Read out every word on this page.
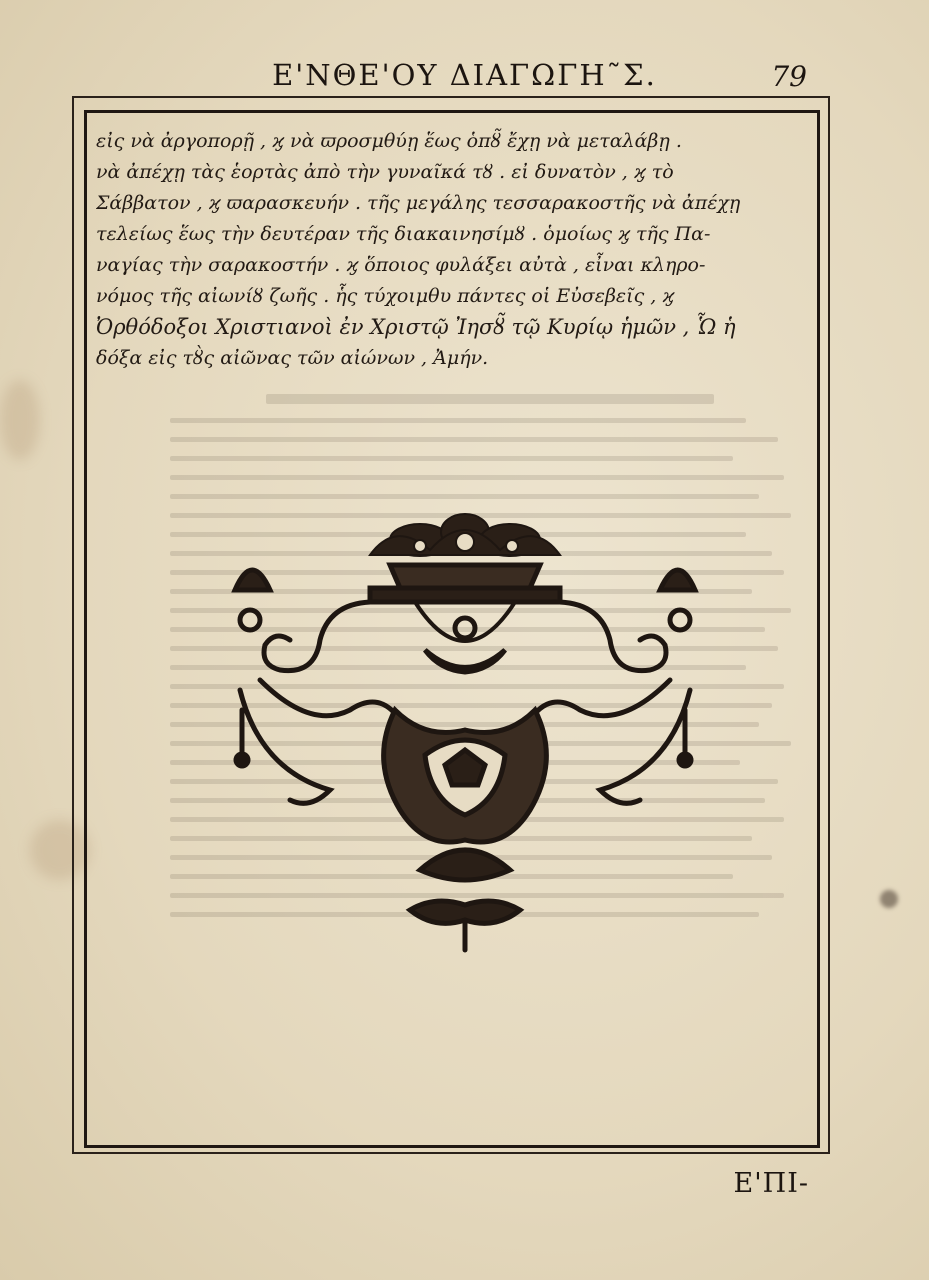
Ε'ΝΘΕ'ΟΥ ΔΙΑΓΩΓΗ˜Σ.	79
εἰς νὰ ἀργοπορῇ , ϗ νὰ ϖροσμθύῃ ἕως ὁπȣ̃ ἔχῃ νὰ μεταλάβῃ .
νὰ ἀπέχῃ τὰς ἑορτὰς ἀπὸ τὴν γυναῖκά τȣ . εἰ δυνατὸν , ϗ τὸ
Σάββατον , ϗ ϖαρασκευήν . τῆς μεγάλης τεσσαρακοστῆς νὰ ἀπέχῃ
τελείως ἕως τὴν δευτέραν τῆς διακαινησίμȣ . ὁμοίως ϗ τῆς Πα-
ναγίας τὴν σαρακοστήν . ϗ ὅποιος φυλάξει αὐτὰ , εἶναι κληρο-
νόμος τῆς αἰωνίȣ ζωῆς . ἧς τύχοιμθυ πάντες οἱ Εὐσεβεῖς , ϗ
Ὀρθόδοξοι Χριστιανοὶ ἐν Χριστῷ Ἰησȣ̃ τῷ Κυρίῳ ἡμῶν , Ὧ ἡ
δόξα εἰς τȣ̀ς αἰῶνας τῶν αἰώνων , Ἀμήν.
Ε'ΠΙ-
